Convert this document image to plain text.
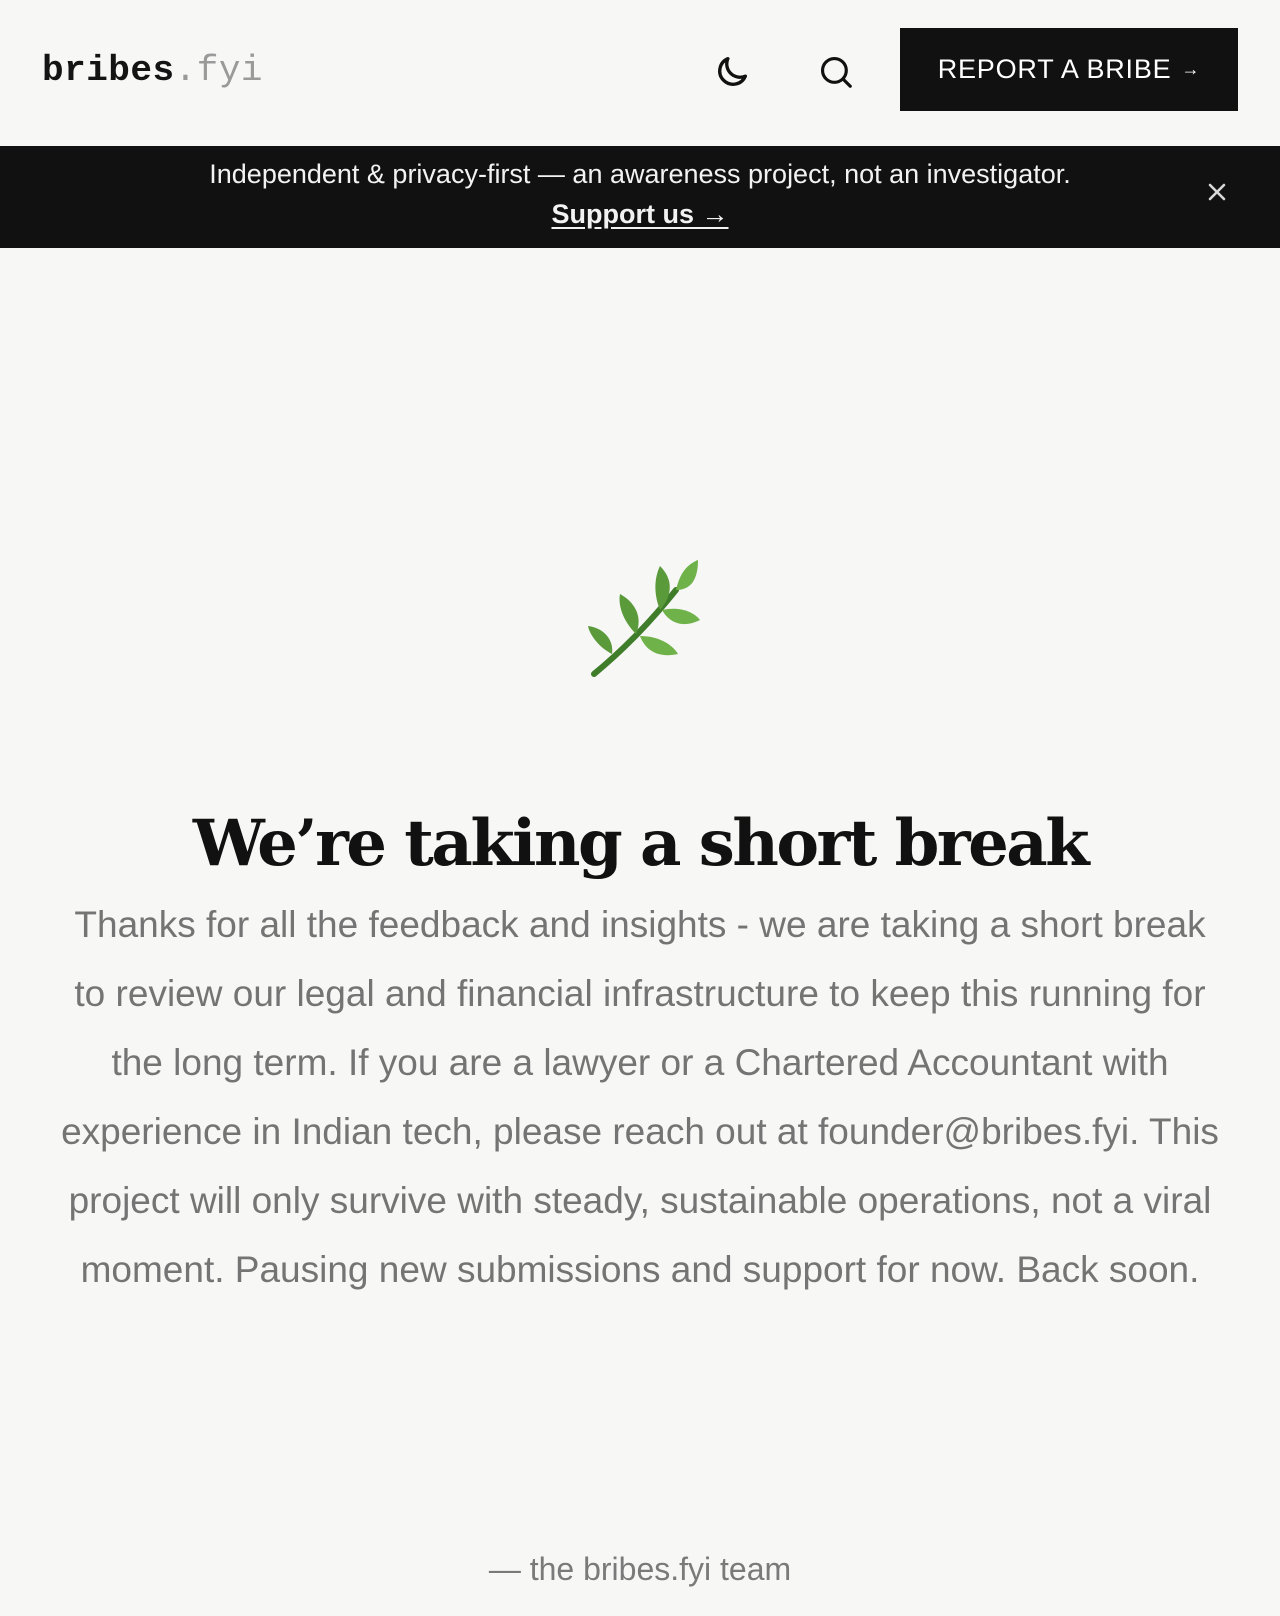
bribes.fyi	REPORT A BRIBE →
Independent & privacy-first — an awareness project, not an investigator.
Support us →
We’re taking a short break

Thanks for all the feedback and insights - we are taking a short break to review our legal and financial infrastructure to keep this running for the long term. If you are a lawyer or a Chartered Accountant with experience in Indian tech, please reach out at founder@bribes.fyi. This project will only survive with steady, sustainable operations, not a viral moment. Pausing new submissions and support for now. Back soon.

— the bribes.fyi team
